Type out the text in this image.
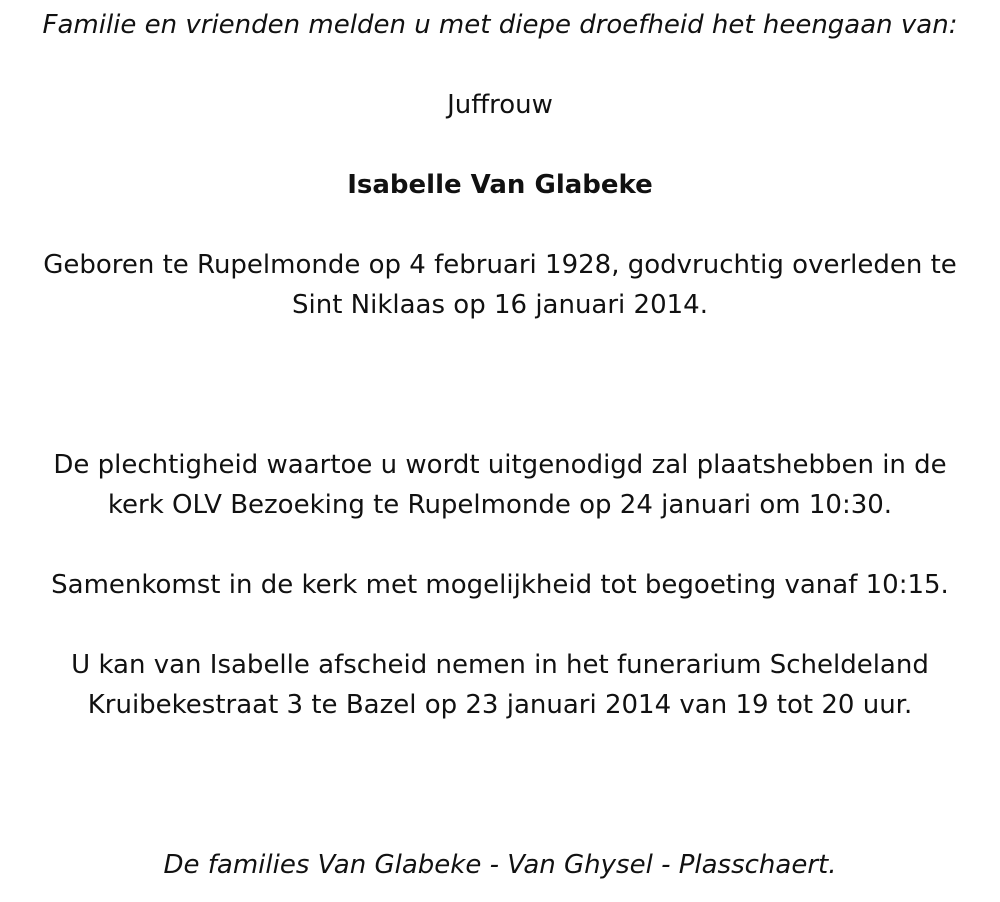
Familie en vrienden melden u met diepe droefheid het heengaan van:
Juffrouw
Isabelle Van Glabeke
Geboren te Rupelmonde op 4 februari 1928, godvruchtig overleden te
Sint Niklaas op 16 januari 2014.
De plechtigheid waartoe u wordt uitgenodigd zal plaatshebben in de
kerk OLV Bezoeking te Rupelmonde op 24 januari om 10:30.
Samenkomst in de kerk met mogelijkheid tot begoeting vanaf 10:15.
U kan van Isabelle afscheid nemen in het funerarium Scheldeland
Kruibekestraat 3 te Bazel op 23 januari 2014 van 19 tot 20 uur.
De families Van Glabeke - Van Ghysel - Plasschaert.
